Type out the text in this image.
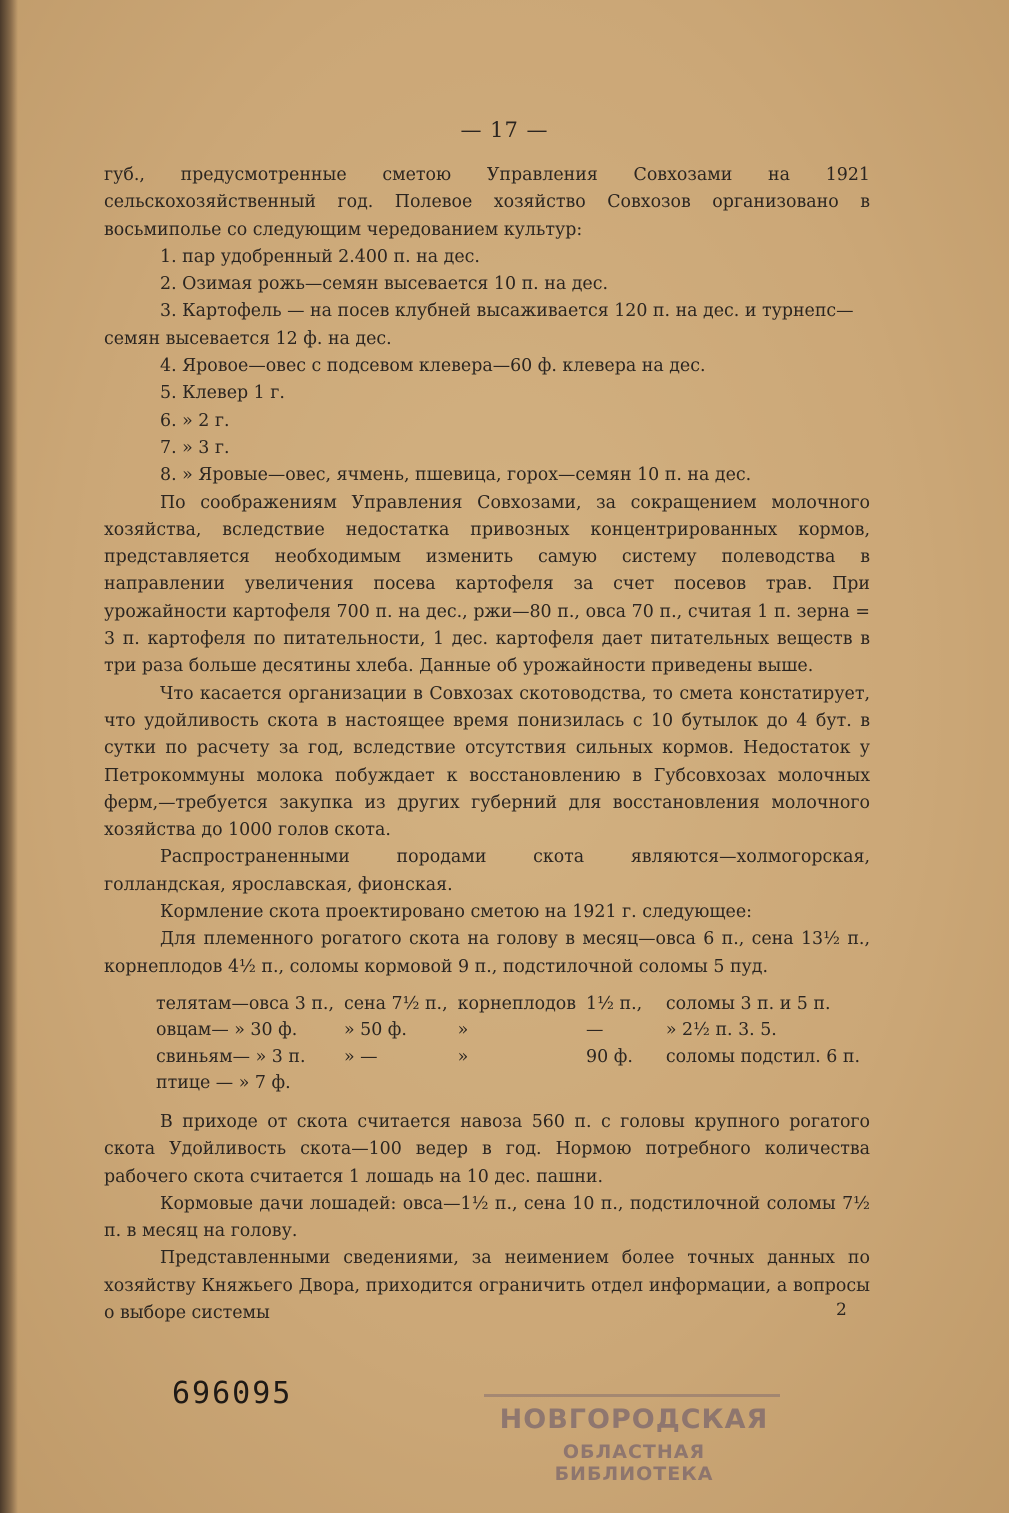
— 17 —

губ., предусмотренные сметою Управления Совхозами на 1921 сельскохозяйственный год. Полевое хозяйство Совхозов организовано в восьмиполье со следующим чередованием культур:

1. пар удобренный 2.400 п. на дес.

2. Озимая рожь—семян высевается 10 п. на дес.

3. Картофель — на посев клубней высаживается 120 п. на дес. и турнепс—

семян высевается 12 ф. на дес.

4. Яровое—овес с подсевом клевера—60 ф. клевера на дес.

5. Клевер 1 г.

6. » 2 г.

7. » 3 г.

8. » Яровые—овес, ячмень, пшевица, горох—семян 10 п. на дес.

По соображениям Управления Совхозами, за сокращением молочного хозяйства, вследствие недостатка привозных концентрированных кормов, представляется необходимым изменить самую систему полеводства в направлении увеличения посева картофеля за счет посевов трав. При урожайности картофеля 700 п. на дес., ржи—80 п., овса 70 п., считая 1 п. зерна = 3 п. картофеля по питательности, 1 дес. картофеля дает питательных веществ в три раза больше десятины хлеба. Данные об урожайности приведены выше.

Что касается организации в Совхозах скотоводства, то смета констатирует, что удойливость скота в настоящее время понизилась с 10 бутылок до 4 бут. в сутки по расчету за год, вследствие отсутствия сильных кормов. Недостаток у Петрокоммуны молока побуждает к восстановлению в Губсовхозах молочных ферм,—требуется закупка из других губерний для восстановления молочного хозяйства до 1000 голов скота.

Распространенными породами скота являются—холмогорская, голландская, ярославская, фионская.

Кормление скота проектировано сметою на 1921 г. следующее:

Для племенного рогатого скота на голову в месяц—овса 6 п., сена 13½ п., корнеплодов 4½ п., соломы кормовой 9 п., подстилочной соломы 5 пуд.

телятам—овса 3 п.,	сена 7½ п.,	корнеплодов	1½ п.,	соломы 3 п. и 5 п.
овцам— » 30 ф.	» 50 ф.	»	—	» 2½ п. 3. 5.
свиньям— » 3 п.	» —	»	90 ф.	соломы подстил. 6 п.
птице — » 7 ф.				

В приходе от скота считается навоза 560 п. с головы крупного рогатого скота Удойливость скота—100 ведер в год. Нормою потребного количества рабочего скота считается 1 лошадь на 10 дес. пашни.

Кормовые дачи лошадей: овса—1½ п., сена 10 п., подстилочной соломы 7½ п. в месяц на голову.

Представленными сведениями, за неимением более точных данных по хозяйству Княжьего Двора, приходится ограничить отдел информации, а вопросы о выборе системы	2
696095
НОВГОРОДСКАЯ
ОБЛАСТНАЯ БИБЛИОТЕКА
